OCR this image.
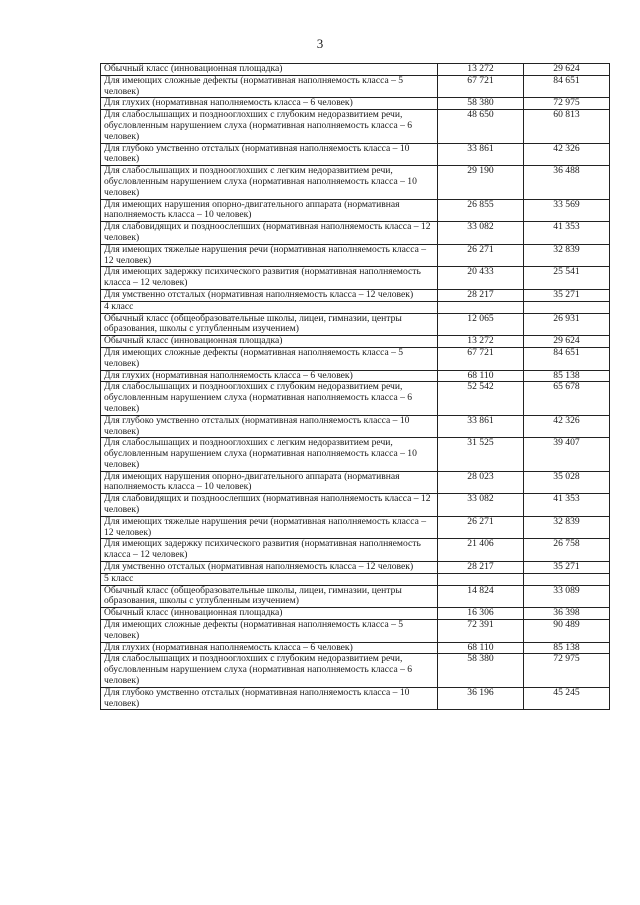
3
Обычный класс (инновационная площадка)	13 272	29 624
Для имеющих сложные дефекты (нормативная наполняемость класса – 5 человек)	67 721	84 651
Для глухих (нормативная наполняемость класса – 6 человек)	58 380	72 975
Для слабослышащих и позднооглохших с глубоким недоразвитием речи, обусловленным нарушением слуха (нормативная наполняемость класса – 6 человек)	48 650	60 813
Для глубоко умственно отсталых (нормативная наполняемость класса – 10 человек)	33 861	42 326
Для слабослышащих и позднооглохших с легким недоразвитием речи, обусловленным нарушением слуха (нормативная наполняемость класса – 10 человек)	29 190	36 488
Для имеющих нарушения опорно-двигательного аппарата (нормативная наполняемость класса – 10 человек)	26 855	33 569
Для слабовидящих и поздноослепших (нормативная наполняемость класса – 12 человек)	33 082	41 353
Для имеющих тяжелые нарушения речи (нормативная наполняемость класса – 12 человек)	26 271	32 839
Для имеющих задержку психического развития (нормативная наполняемость класса – 12 человек)	20 433	25 541
Для умственно отсталых (нормативная наполняемость класса – 12 человек)	28 217	35 271
4 класс		
Обычный класс (общеобразовательные школы, лицеи, гимназии, центры образования, школы с углубленным изучением)	12 065	26 931
Обычный класс (инновационная площадка)	13 272	29 624
Для имеющих сложные дефекты (нормативная наполняемость класса – 5 человек)	67 721	84 651
Для глухих (нормативная наполняемость класса – 6 человек)	68 110	85 138
Для слабослышащих и позднооглохших с глубоким недоразвитием речи, обусловленным нарушением слуха (нормативная наполняемость класса – 6 человек)	52 542	65 678
Для глубоко умственно отсталых (нормативная наполняемость класса – 10 человек)	33 861	42 326
Для слабослышащих и позднооглохших с легким недоразвитием речи, обусловленным нарушением слуха (нормативная наполняемость класса – 10 человек)	31 525	39 407
Для имеющих нарушения опорно-двигательного аппарата (нормативная наполняемость класса – 10 человек)	28 023	35 028
Для слабовидящих и поздноослепших (нормативная наполняемость класса – 12 человек)	33 082	41 353
Для имеющих тяжелые нарушения речи (нормативная наполняемость класса – 12 человек)	26 271	32 839
Для имеющих задержку психического развития (нормативная наполняемость класса – 12 человек)	21 406	26 758
Для умственно отсталых (нормативная наполняемость класса – 12 человек)	28 217	35 271
5 класс		
Обычный класс (общеобразовательные школы, лицеи, гимназии, центры образования, школы с углубленным изучением)	14 824	33 089
Обычный класс (инновационная площадка)	16 306	36 398
Для имеющих сложные дефекты (нормативная наполняемость класса – 5 человек)	72 391	90 489
Для глухих (нормативная наполняемость класса – 6 человек)	68 110	85 138
Для слабослышащих и позднооглохших с глубоким недоразвитием речи, обусловленным нарушением слуха (нормативная наполняемость класса – 6 человек)	58 380	72 975
Для глубоко умственно отсталых (нормативная наполняемость класса – 10 человек)	36 196	45 245
